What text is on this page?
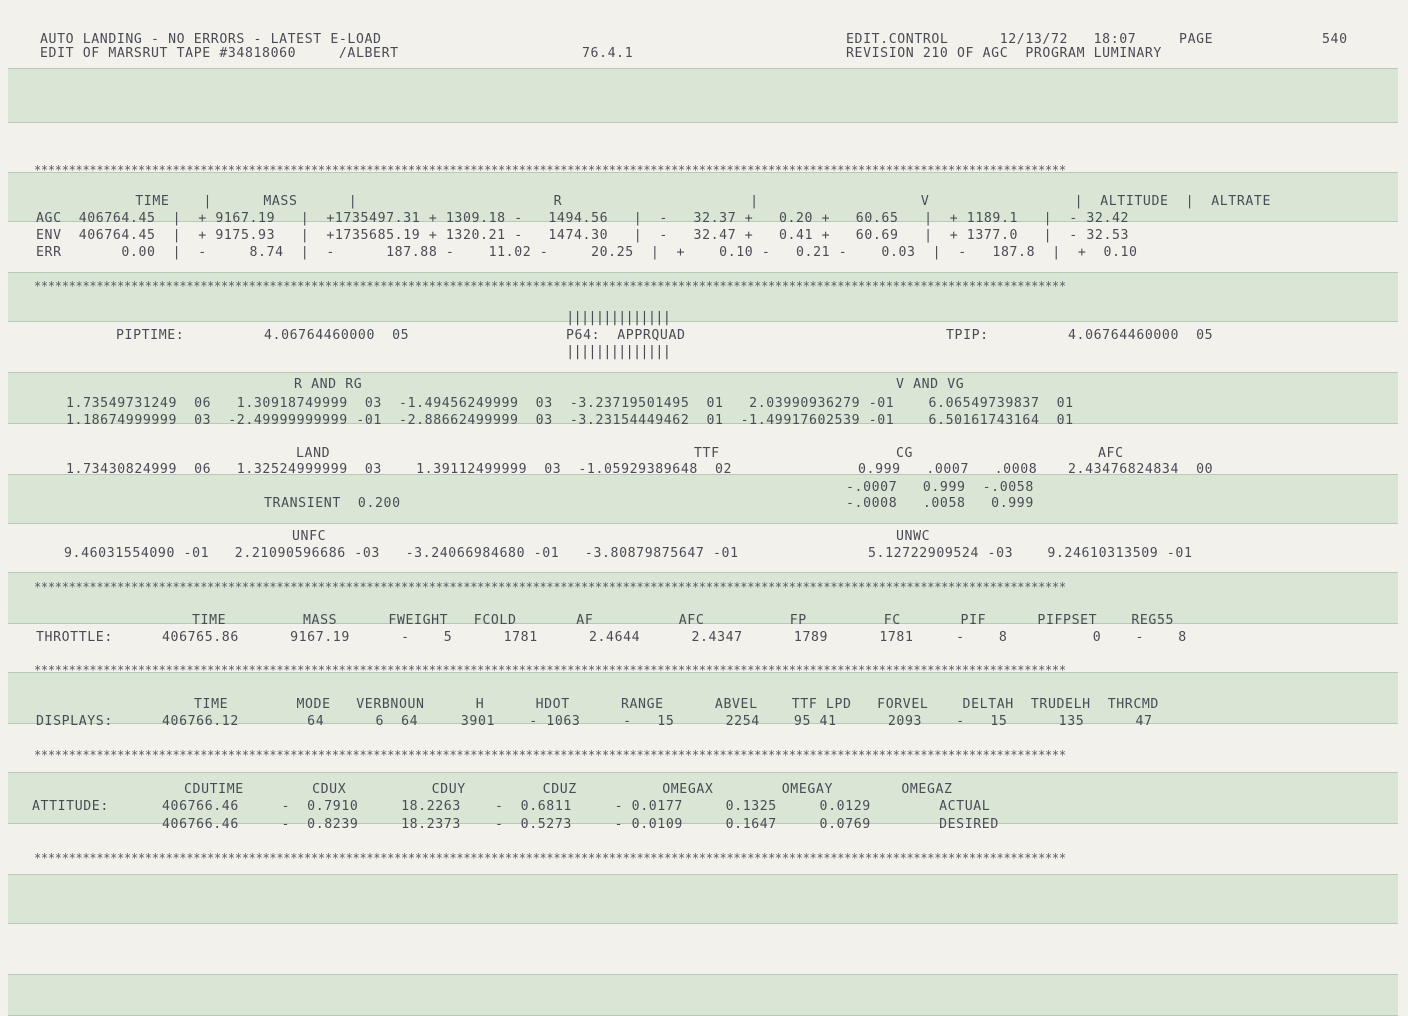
AUTO LANDING - NO ERRORS - LATEST E-LOAD
EDIT OF MARSRUT TAPE #34818060     /ALBERT	76.4.1
EDIT.CONTROL      12/13/72   18:07     PAGE	540
REVISION 210 OF AGC  PROGRAM LUMINARY
*****************************************************************************************************************************************************
TIME    |      MASS      |                       R                      |                   V                 |  ALTITUDE  |  ALTRATE
AGC  406764.45  |  + 9167.19   |  +1735497.31 + 1309.18 -   1494.56   |  -   32.37 +   0.20 +   60.65   |  + 1189.1   |  - 32.42
ENV  406764.45  |  + 9175.93   |  +1735685.19 + 1320.21 -   1474.30   |  -   32.47 +   0.41 +   60.69   |  + 1377.0   |  - 32.53
ERR       0.00  |  -     8.74  |  -      187.88 -    11.02 -     20.25  |  +    0.10 -   0.21 -    0.03  |  -   187.8  |  +  0.10
*****************************************************************************************************************************************************
||||||||||||||
PIPTIME:	4.06764460000  05	P64:  APPRQUAD
||||||||||||||
TPIP:	4.06764460000  05
R AND RG	V AND VG
1.73549731249  06   1.30918749999  03  -1.49456249999  03  -3.23719501495  01   2.03990936279 -01    6.06549739837  01
1.18674999999  03  -2.49999999999 -01  -2.88662499999  03  -3.23154449462  01  -1.49917602539 -01    6.50161743164  01
LAND	TTF	CG	AFC
1.73430824999  06   1.32524999999  03    1.39112499999  03  -1.05929389648  02	0.999   .0007   .0008 2.43476824834  00
-.0007   0.999  -.0058
TRANSIENT  0.200	-.0008   .0058   0.999
UNFC	UNWC
9.46031554090 -01   2.21090596686 -03   -3.24066984680 -01   -3.80879875647 -01	5.12722909524 -03    9.24610313509 -01
*****************************************************************************************************************************************************
TIME         MASS      FWEIGHT   FCOLD       AF          AFC          FP         FC       PIF      PIFPSET    REG55
THROTTLE:	406765.86      9167.19      -    5      1781      2.4644      2.4347      1789      1781     -    8          0    -    8
*****************************************************************************************************************************************************
TIME        MODE   VERBNOUN      H      HDOT      RANGE      ABVEL    TTF LPD   FORVEL    DELTAH  TRUDELH  THRCMD
DISPLAYS:	406766.12        64      6  64     3901    - 1063     -   15      2254    95 41      2093    -   15      135      47
*****************************************************************************************************************************************************
CDUTIME        CDUX          CDUY         CDUZ          OMEGAX        OMEGAY        OMEGAZ
ATTITUDE:	406766.46     -  0.7910     18.2263    -  0.6811     - 0.0177     0.1325     0.0129        ACTUAL
406766.46     -  0.8239     18.2373    -  0.5273     - 0.0109     0.1647     0.0769        DESIRED
*****************************************************************************************************************************************************
